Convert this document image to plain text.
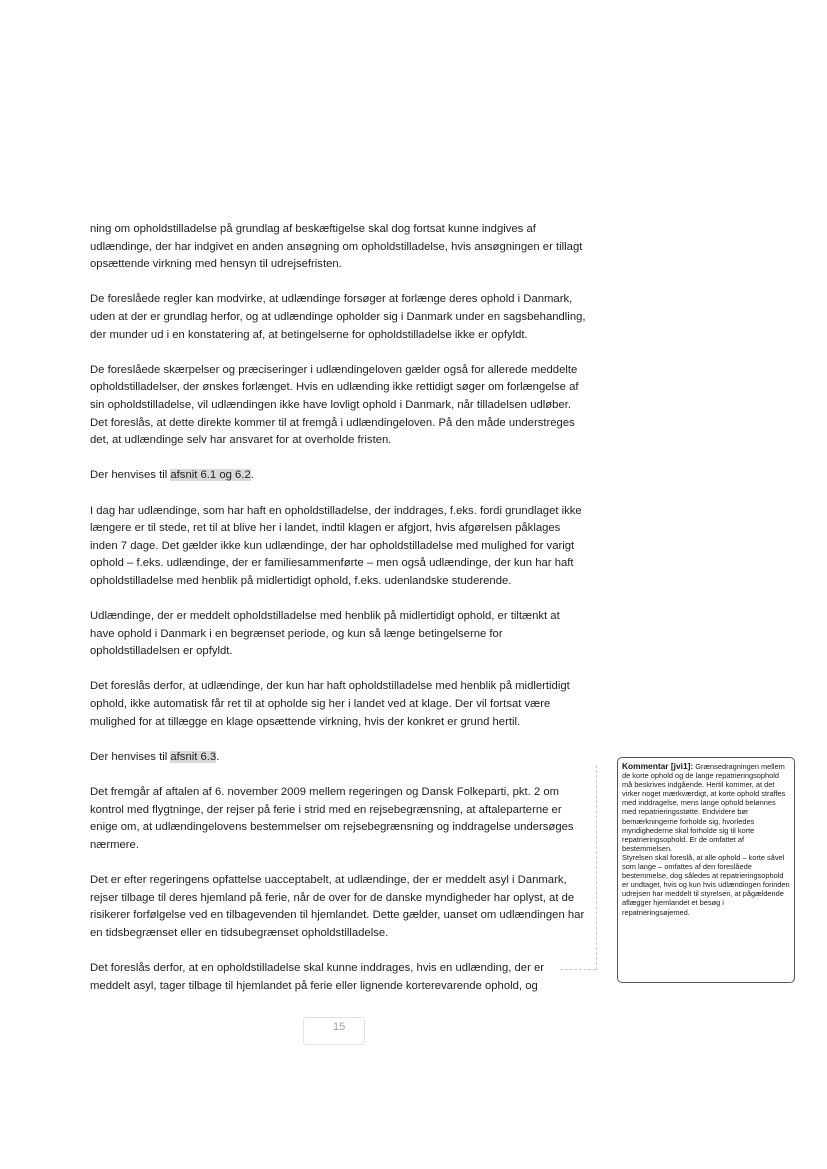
ning om opholdstilladelse på grundlag af beskæftigelse skal dog fortsat kunne indgives af udlændinge, der har indgivet en anden ansøgning om opholdstilladelse, hvis ansøgningen er tillagt opsættende virkning med hensyn til udrejsefristen.

De foreslåede regler kan modvirke, at udlændinge forsøger at forlænge deres ophold i Danmark, uden at der er grundlag herfor, og at udlændinge opholder sig i Danmark under en sagsbehandling, der munder ud i en konstatering af, at betingelserne for opholdstilladelse ikke er opfyldt.

De foreslåede skærpelser og præciseringer i udlændingeloven gælder også for allerede meddelte opholdstilladelser, der ønskes forlænget. Hvis en udlænding ikke rettidigt søger om forlængelse af sin opholdstilladelse, vil udlændingen ikke have lovligt ophold i Danmark, når tilladelsen udløber. Det foreslås, at dette direkte kommer til at fremgå i udlændingeloven. På den måde understreges det, at udlændinge selv har ansvaret for at overholde fristen.

Der henvises til afsnit 6.1 og 6.2.

I dag har udlændinge, som har haft en opholdstilladelse, der inddrages, f.eks. fordi grundlaget ikke længere er til stede, ret til at blive her i landet, indtil klagen er afgjort, hvis afgørelsen påklages inden 7 dage. Det gælder ikke kun udlændinge, der har opholdstilladelse med mulighed for varigt ophold – f.eks. udlændinge, der er familiesammenførte – men også udlændinge, der kun har haft opholdstilladelse med henblik på midlertidigt ophold, f.eks. udenlandske studerende.

Udlændinge, der er meddelt opholdstilladelse med henblik på midlertidigt ophold, er tiltænkt at have ophold i Danmark i en begrænset periode, og kun så længe betingelserne for opholdstilladelsen er opfyldt.

Det foreslås derfor, at udlændinge, der kun har haft opholdstilladelse med henblik på midlertidigt ophold, ikke automatisk får ret til at opholde sig her i landet ved at klage. Der vil fortsat være mulighed for at tillægge en klage opsættende virkning, hvis der konkret er grund hertil.

Der henvises til afsnit 6.3.

Det fremgår af aftalen af 6. november 2009 mellem regeringen og Dansk Folkeparti, pkt. 2 om kontrol med flygtninge, der rejser på ferie i strid med en rejsebegrænsning, at aftaleparterne er enige om, at udlændingelovens bestemmelser om rejsebegrænsning og inddragelse undersøges nærmere.

Det er efter regeringens opfattelse uacceptabelt, at udlændinge, der er meddelt asyl i Danmark, rejser tilbage til deres hjemland på ferie, når de over for de danske myndigheder har oplyst, at de risikerer forfølgelse ved en tilbagevenden til hjemlandet. Dette gælder, uanset om udlændingen har en tidsbegrænset eller en tidsubegrænset opholdstilladelse.

Det foreslås derfor, at en opholdstilladelse skal kunne inddrages, hvis en udlænding, der er meddelt asyl, tager tilbage til hjemlandet på ferie eller lignende korterevarende ophold, og

Kommentar [jvi1]: Grænsedragningen mellem de korte ophold og de lange repatrieringsophold må beskrives indgående. Hertil kommer, at det virker noget mærkværdigt, at korte ophold straffes med inddragelse, mens lange ophold belønnes med repatrieringsstøtte. Endvidere bør bemærkningerne forholde sig, hvorledes myndighederne skal forholde sig til korte repatrieringsophold. Er de omfattet af bestemmelsen.

Styrelsen skal foreslå, at alle ophold – korte såvel som lange – omfattes af den foreslåede bestemmelse, dog således at repatrieringsophold er undtaget, hvis og kun hvis udlændingen forinden udrejsen har meddelt til styrelsen, at pågældende aflægger hjemlandet et besøg i repatrieringsøjemed.

15
